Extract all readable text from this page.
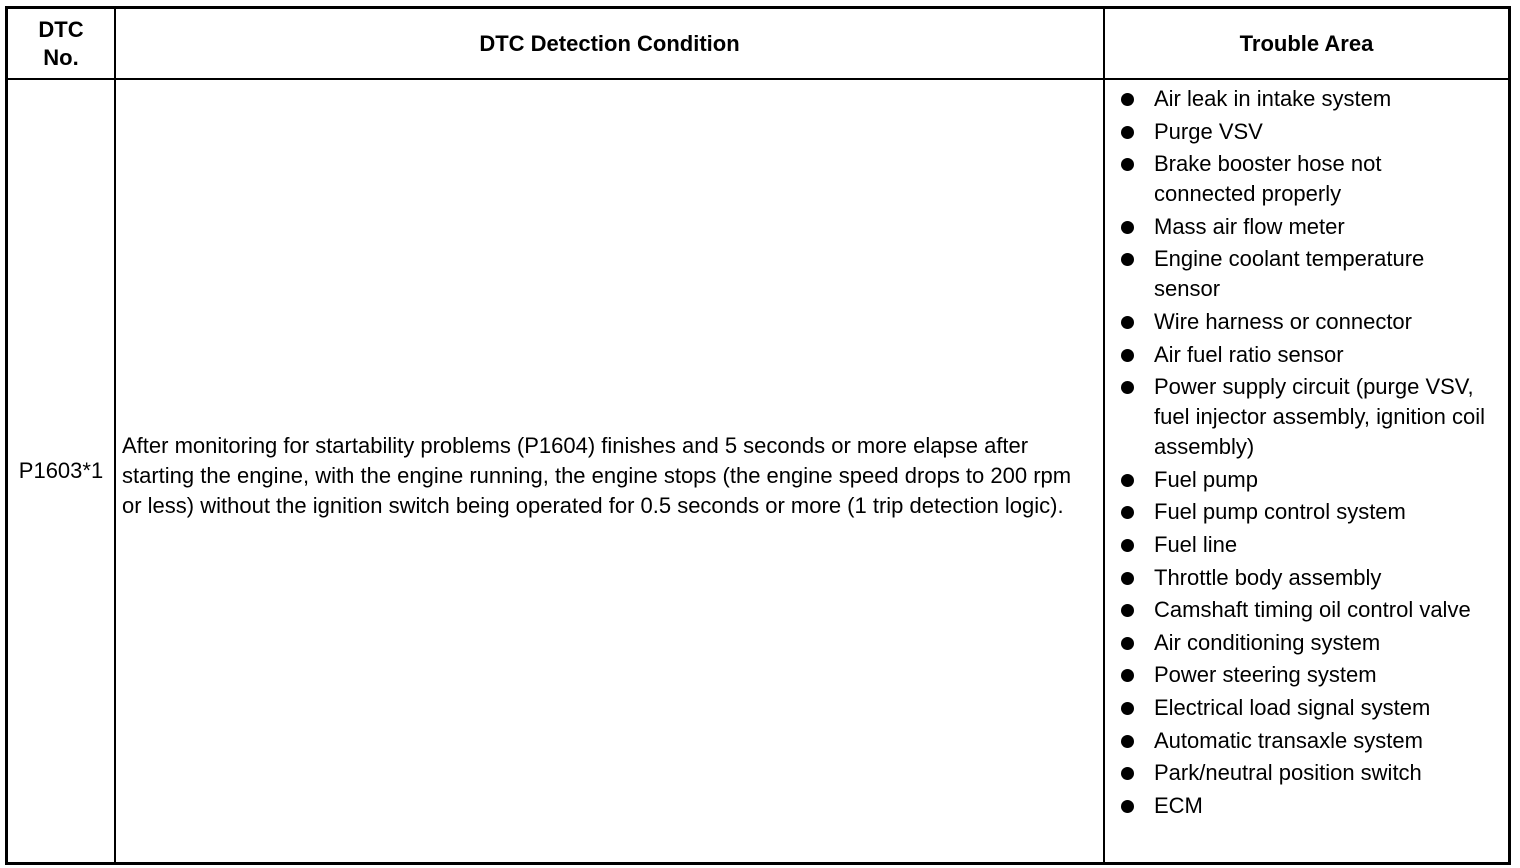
DTC
No.
DTC Detection Condition	Trouble Area
P1603*1
After monitoring for startability problems (P1604) finishes and 5 seconds or more elapse after starting the engine, with the engine running, the engine stops (the engine speed drops to 200 rpm or less) without the ignition switch being operated for 0.5 seconds or more (1 trip detection logic).
Air leak in intake system
Purge VSV
Brake booster hose not connected properly
Mass air flow meter
Engine coolant temperature sensor
Wire harness or connector
Air fuel ratio sensor
Power supply circuit (purge VSV, fuel injector assembly, ignition coil assembly)
Fuel pump
Fuel pump control system
Fuel line
Throttle body assembly
Camshaft timing oil control valve
Air conditioning system
Power steering system
Electrical load signal system
Automatic transaxle system
Park/neutral position switch
ECM
